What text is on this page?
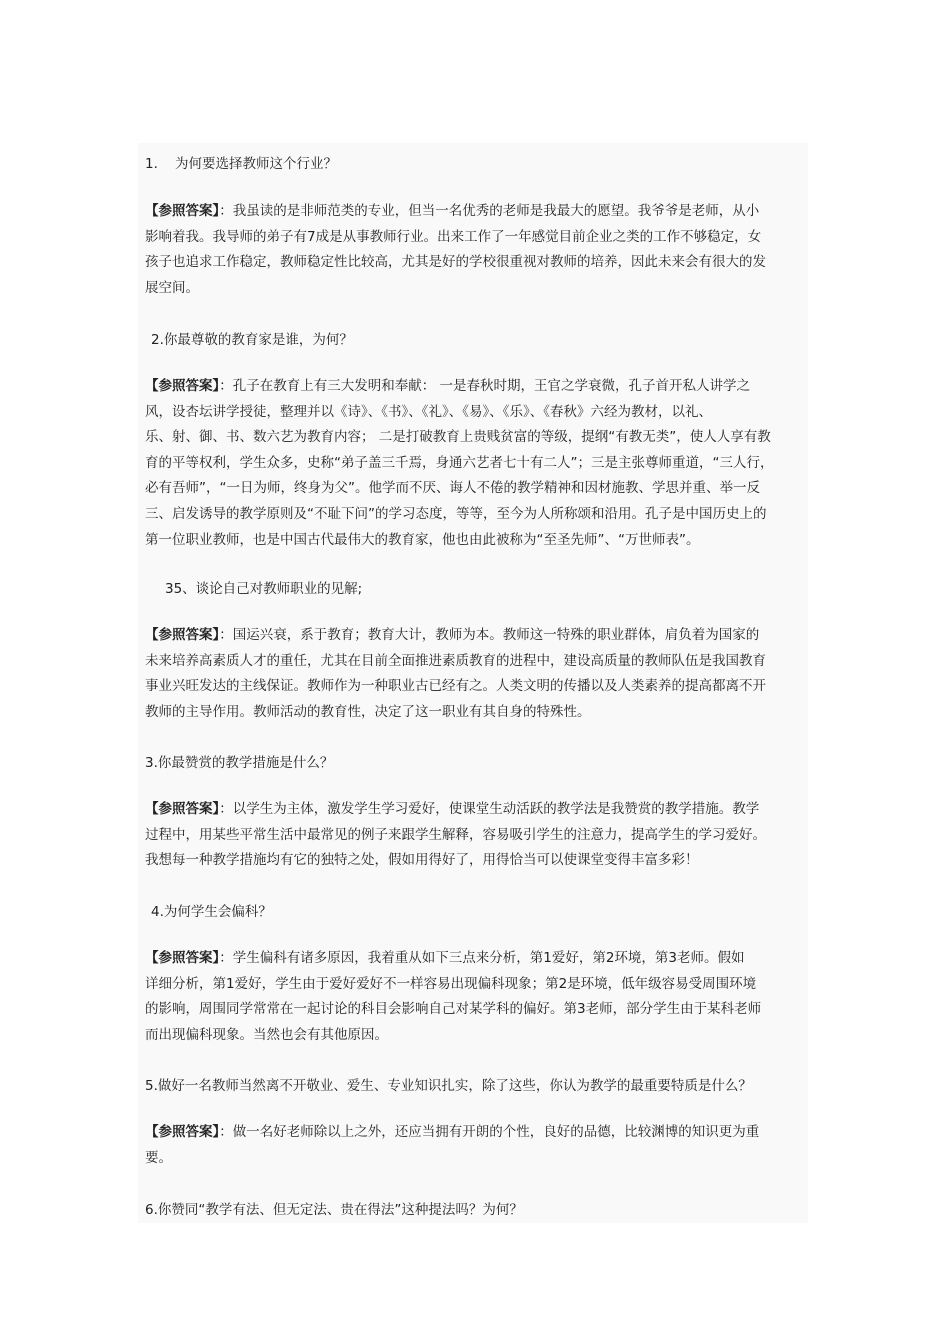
1.    为何要选择教师这个行业？
【参照答案】：我虽读的是非师范类的专业，但当一名优秀的老师是我最大的愿望。我爷爷是老师，从小
影响着我。我导师的弟子有7成是从事教师行业。出来工作了一年感觉目前企业之类的工作不够稳定，女
孩子也追求工作稳定，教师稳定性比较高，尤其是好的学校很重视对教师的培养，因此未来会有很大的发
展空间。
2.你最尊敬的教育家是谁，为何？
【参照答案】：孔子在教育上有三大发明和奉献： 一是春秋时期，王官之学衰微，孔子首开私人讲学之
风，设杏坛讲学授徒，整理并以《诗》、《书》、《礼》、《易》、《乐》、《春秋》六经为教材，以礼、
乐、射、御、书、数六艺为教育内容； 二是打破教育上贵贱贫富的等级，提纲“有教无类”，使人人享有教
育的平等权利，学生众多，史称“弟子盖三千焉，身通六艺者七十有二人”；三是主张尊师重道，“三人行，
必有吾师”，“一日为师，终身为父”。他学而不厌、诲人不倦的教学精神和因材施教、学思并重、举一反
三、启发诱导的教学原则及“不耻下问”的学习态度，等等，至今为人所称颂和沿用。孔子是中国历史上的
第一位职业教师，也是中国古代最伟大的教育家，他也由此被称为“至圣先师”、“万世师表”。
35、谈论自己对教师职业的见解;
【参照答案】：国运兴衰，系于教育；教育大计，教师为本。教师这一特殊的职业群体，肩负着为国家的
未来培养高素质人才的重任，尤其在目前全面推进素质教育的进程中，建设高质量的教师队伍是我国教育
事业兴旺发达的主线保证。教师作为一种职业古已经有之。人类文明的传播以及人类素养的提高都离不开
教师的主导作用。教师活动的教育性，决定了这一职业有其自身的特殊性。
3.你最赞赏的教学措施是什么？
【参照答案】：以学生为主体，激发学生学习爱好，使课堂生动活跃的教学法是我赞赏的教学措施。教学
过程中，用某些平常生活中最常见的例子来跟学生解释，容易吸引学生的注意力，提高学生的学习爱好。
我想每一种教学措施均有它的独特之处，假如用得好了，用得恰当可以使课堂变得丰富多彩！
4.为何学生会偏科？
【参照答案】：学生偏科有诸多原因，我着重从如下三点来分析，第1爱好，第2环境，第3老师。假如
详细分析，第1爱好，学生由于爱好爱好不一样容易出现偏科现象；第2是环境，低年级容易受周围环境
的影响，周围同学常常在一起讨论的科目会影响自己对某学科的偏好。第3老师，部分学生由于某科老师
而出现偏科现象。当然也会有其他原因。
5.做好一名教师当然离不开敬业、爱生、专业知识扎实，除了这些，你认为教学的最重要特质是什么？
【参照答案】：做一名好老师除以上之外，还应当拥有开朗的个性，良好的品德，比较渊博的知识更为重
要。
6.你赞同“教学有法、但无定法、贵在得法”这种提法吗？为何？
